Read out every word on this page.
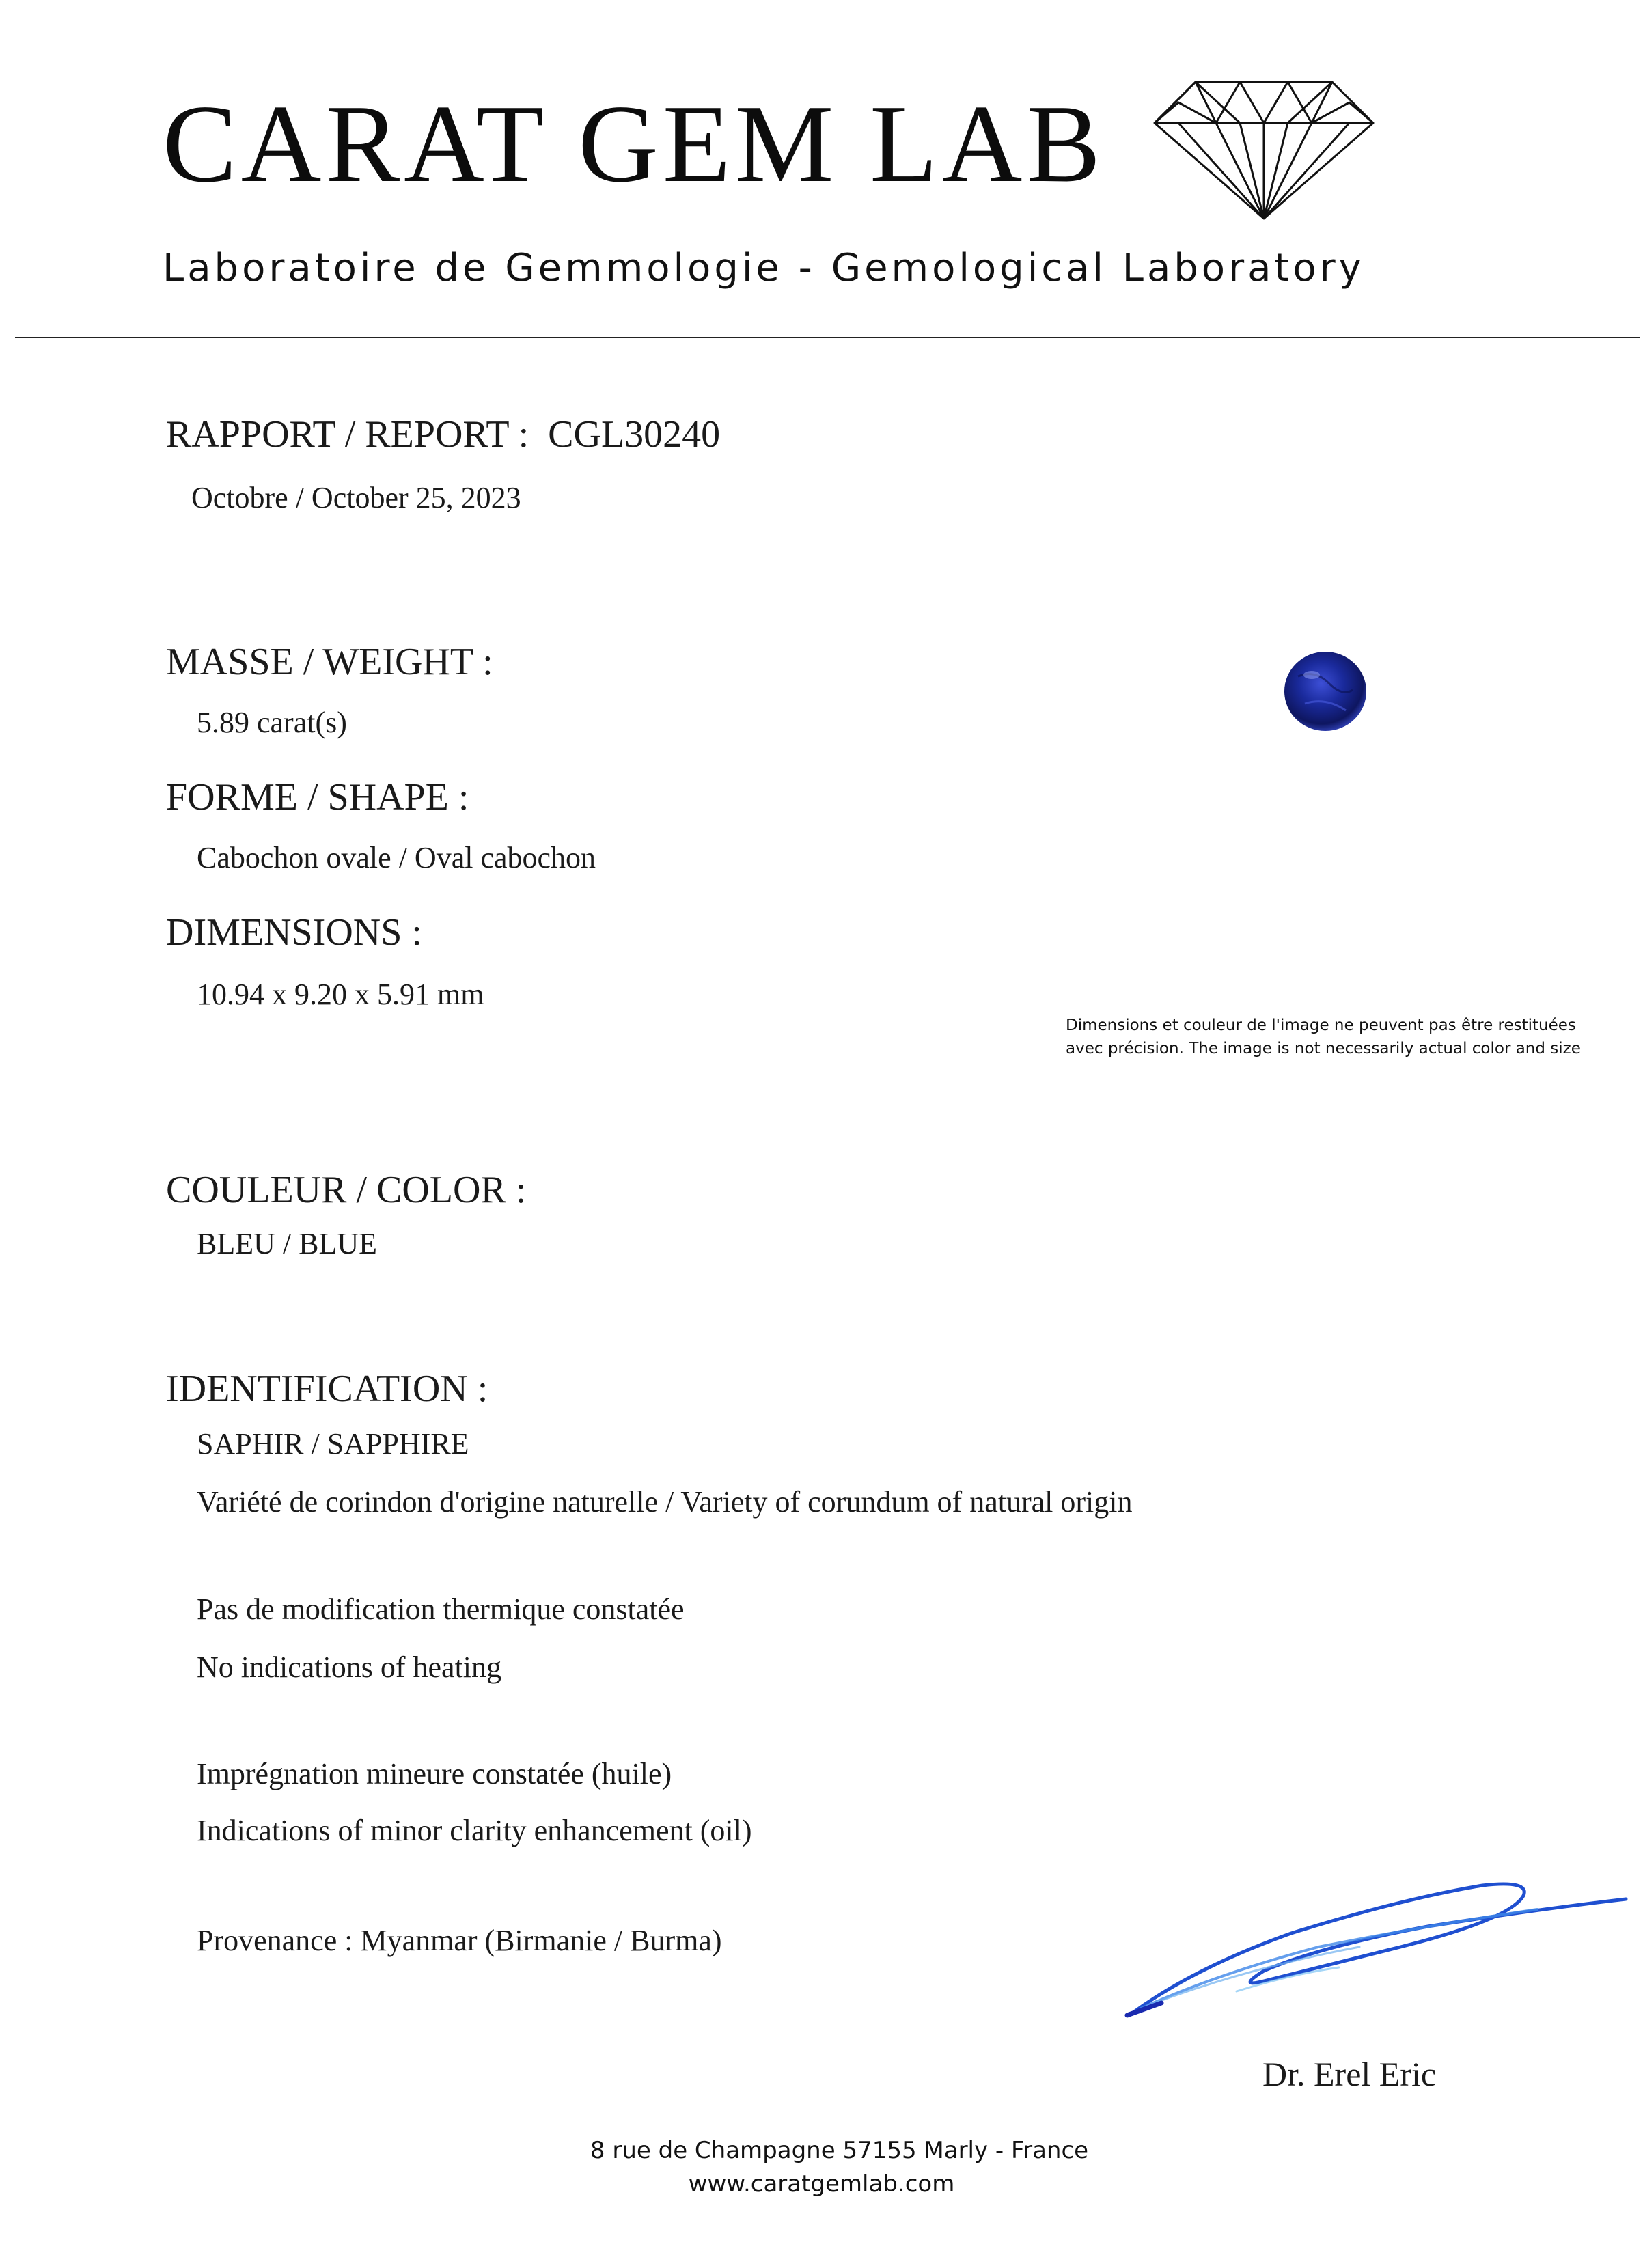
CARAT GEM LAB
Laboratoire de Gemmologie - Gemological Laboratory
RAPPORT / REPORT : CGL30240
Octobre / October 25, 2023
MASSE / WEIGHT :
5.89 carat(s)
FORME / SHAPE :
Cabochon ovale / Oval cabochon
DIMENSIONS :
10.94 x 9.20 x 5.91 mm
Dimensions et couleur de l'image ne peuvent pas être restituées
avec précision. The image is not necessarily actual color and size
COULEUR / COLOR :
BLEU / BLUE
IDENTIFICATION :
SAPHIR / SAPPHIRE
Variété de corindon d'origine naturelle / Variety of corundum of natural origin
Pas de modification thermique constatée
No indications of heating
Imprégnation mineure constatée (huile)
Indications of minor clarity enhancement (oil)
Provenance : Myanmar (Birmanie / Burma)
Dr. Erel Eric
8 rue de Champagne 57155 Marly - France
www.caratgemlab.com
